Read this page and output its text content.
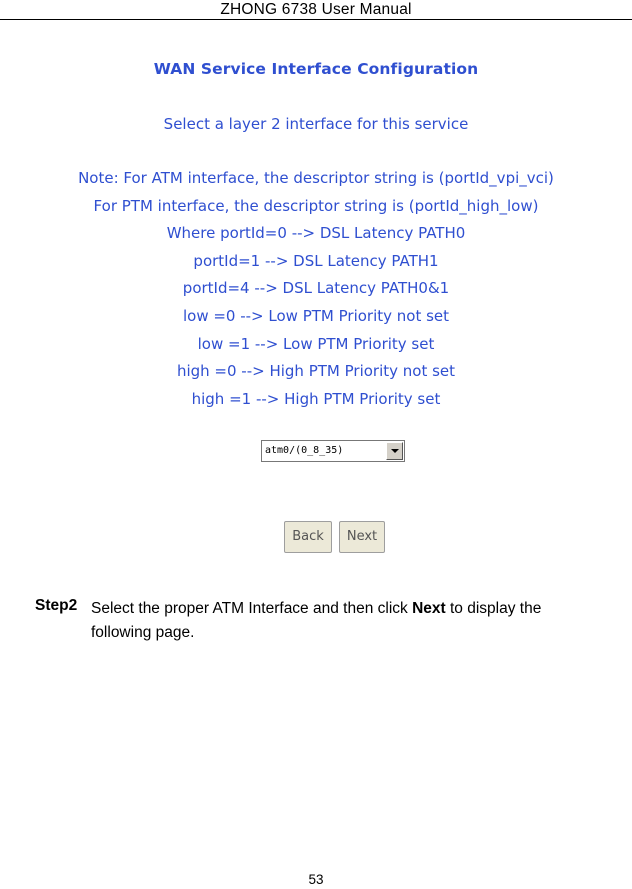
ZHONG 6738 User Manual
WAN Service Interface Configuration
Select a layer 2 interface for this service
Note: For ATM interface, the descriptor string is (portId_vpi_vci)
For PTM interface, the descriptor string is (portId_high_low)
Where portId=0 --> DSL Latency PATH0
portId=1 --> DSL Latency PATH1
portId=4 --> DSL Latency PATH0&1
low =0 --> Low PTM Priority not set
low =1 --> Low PTM Priority set
high =0 --> High PTM Priority not set
high =1 --> High PTM Priority set
atm0/(0_8_35)
Back	Next
Step2 Select the proper ATM Interface and then click Next to display the following page.
53
